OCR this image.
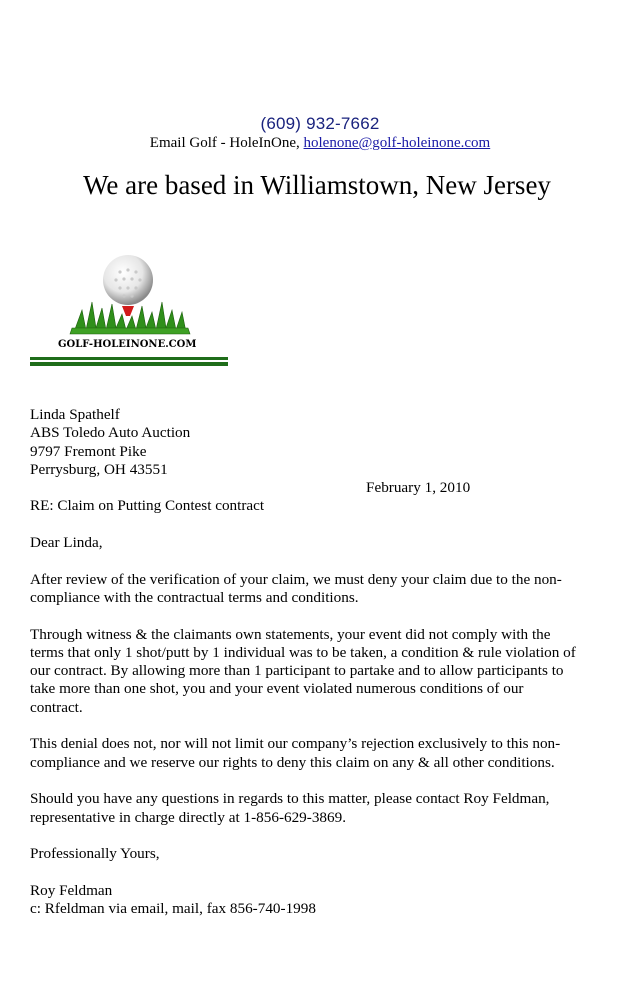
(609) 932-7662
Email Golf - HoleInOne, holenone@golf-holeinone.com
We are based in Williamstown, New Jersey
GOLF-HOLEINONE.COM

Linda Spathelf

ABS Toledo Auto Auction

9797 Fremont Pike

Perrysburg, OH 43551

February 1, 2010

RE: Claim on Putting Contest contract

Dear Linda,

After review of the verification of your claim, we must deny your claim due to the non-

compliance with the contractual terms and conditions.

Through witness & the claimants own statements, your event did not comply with the

terms that only 1 shot/putt by 1 individual was to be taken, a condition & rule violation of

our contract. By allowing more than 1 participant to partake and to allow participants to

take more than one shot, you and your event violated numerous conditions of our

contract.

This denial does not, nor will not limit our company’s rejection exclusively to this non-

compliance and we reserve our rights to deny this claim on any & all other conditions.

Should you have any questions in regards to this matter, please contact Roy Feldman,

representative in charge directly at 1-856-629-3869.

Professionally Yours,

Roy Feldman

c: Rfeldman via email, mail, fax 856-740-1998
